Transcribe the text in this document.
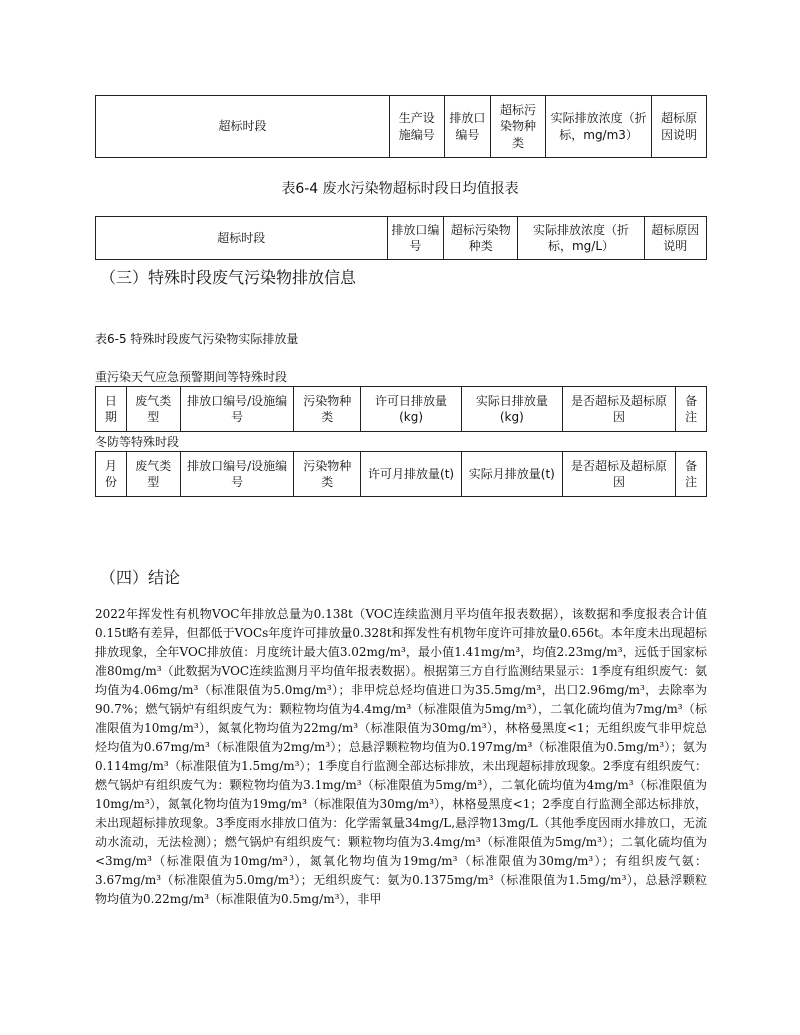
超标时段	生产设施编号	排放口编号	超标污染物种类	实际排放浓度（折标，mg/m3）	超标原因说明
表6-4 废水污染物超标时段日均值报表
超标时段	排放口编号	超标污染物种类	实际排放浓度（折标，mg/L）	超标原因说明
（三）特殊时段废气污染物排放信息
表6-5 特殊时段废气污染物实际排放量
重污染天气应急预警期间等特殊时段
日期	废气类型	排放口编号/设施编号	污染物种类	许可日排放量(kg)	实际日排放量(kg)	是否超标及超标原因	备注
冬防等特殊时段
月份	废气类型	排放口编号/设施编号	污染物种类	许可月排放量(t)	实际月排放量(t)	是否超标及超标原因	备注
（四）结论

2022年挥发性有机物VOC年排放总量为0.138t（VOC连续监测月平均值年报表数据），该数据和季度报表合计值0.15t略有差异，但都低于VOCs年度许可排放量0.328t和挥发性有机物年度许可排放量0.656t。本年度未出现超标排放现象，全年VOC排放值：月度统计最大值3.02mg/m³，最小值1.41mg/m³，均值2.23mg/m³，远低于国家标准80mg/m³（此数据为VOC连续监测月平均值年报表数据）。根据第三方自行监测结果显示：1季度有组织废气：氨均值为4.06mg/m³（标准限值为5.0mg/m³）；非甲烷总烃均值进口为35.5mg/m³，出口2.96mg/m³，去除率为90.7%；燃气锅炉有组织废气为：颗粒物均值为4.4mg/m³（标准限值为5mg/m³），二氧化硫均值为7mg/m³（标准限值为10mg/m³），氮氧化物均值为22mg/m³（标准限值为30mg/m³），林格曼黑度<1；无组织废气非甲烷总烃均值为0.67mg/m³（标准限值为2mg/m³）；总悬浮颗粒物均值为0.197mg/m³（标准限值为0.5mg/m³）；氨为0.114mg/m³（标准限值为1.5mg/m³）；1季度自行监测全部达标排放，未出现超标排放现象。2季度有组织废气：燃气锅炉有组织废气为：颗粒物均值为3.1mg/m³（标准限值为5mg/m³），二氧化硫均值为4mg/m³（标准限值为10mg/m³），氮氧化物均值为19mg/m³（标准限值为30mg/m³），林格曼黑度<1；2季度自行监测全部达标排放，未出现超标排放现象。3季度雨水排放口值为：化学需氧量34mg/L,悬浮物13mg/L（其他季度因雨水排放口，无流动水流动，无法检测）；燃气锅炉有组织废气：颗粒物均值为3.4mg/m³（标准限值为5mg/m³）；二氧化硫均值为<3mg/m³（标准限值为10mg/m³），氮氧化物均值为19mg/m³（标准限值为30mg/m³）；有组织废气氨：3.67mg/m³（标准限值为5.0mg/m³）；无组织废气：氨为0.1375mg/m³（标准限值为1.5mg/m³），总悬浮颗粒物均值为0.22mg/m³（标准限值为0.5mg/m³），非甲
